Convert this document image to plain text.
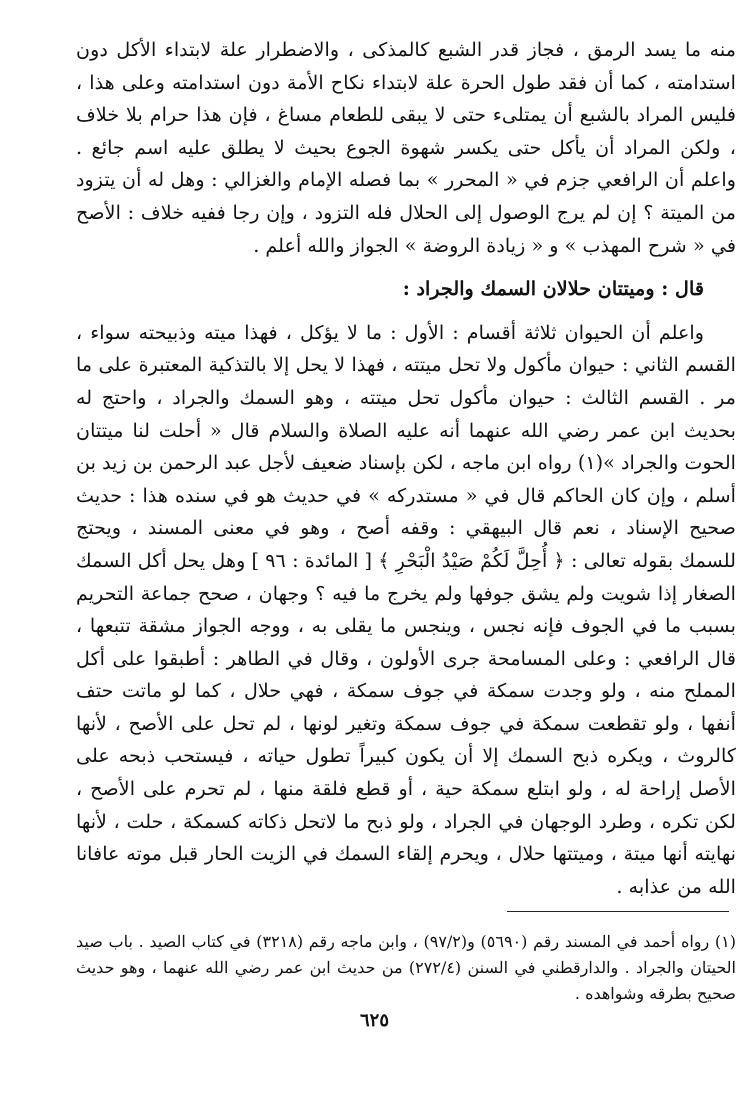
منه ما يسد الرمق ، فجاز قدر الشبع كالمذكى ، والاضطرار علة لابتداء الأكل دون استدامته ، كما أن فقد طول الحرة علة لابتداء نكاح الأمة دون استدامته وعلى هذا ، فليس المراد بالشبع أن يمتلىء حتى لا يبقى للطعام مساغ ، فإن هذا حرام بلا خلاف ، ولكن المراد أن يأكل حتى يكسر شهوة الجوع بحيث لا يطلق عليه اسم جائع . واعلم أن الرافعي جزم في « المحرر » بما فصله الإمام والغزالي : وهل له أن يتزود من الميتة ؟ إن لم يرج الوصول إلى الحلال فله التزود ، وإن رجا ففيه خلاف : الأصح في « شرح المهذب » و « زيادة الروضة » الجواز والله أعلم .

قال : وميتتان حلالان السمك والجراد :

واعلم أن الحيوان ثلاثة أقسام : الأول : ما لا يؤكل ، فهذا ميته وذبيحته سواء ، القسم الثاني : حيوان مأكول ولا تحل ميتته ، فهذا لا يحل إلا بالتذكية المعتبرة على ما مر . القسم الثالث : حيوان مأكول تحل ميتته ، وهو السمك والجراد ، واحتج له بحديث ابن عمر رضي الله عنهما أنه عليه الصلاة والسلام قال « أحلت لنا ميتتان الحوت والجراد »(١) رواه ابن ماجه ، لكن بإسناد ضعيف لأجل عبد الرحمن بن زيد بن أسلم ، وإن كان الحاكم قال في « مستدركه » في حديث هو في سنده هذا : حديث صحيح الإسناد ، نعم قال البيهقي : وقفه أصح ، وهو في معنى المسند ، ويحتج للسمك بقوله تعالى : ﴿ أُحِلَّ لَكُمْ صَيْدُ الْبَحْرِ ﴾ [ المائدة : ٩٦ ] وهل يحل أكل السمك الصغار إذا شويت ولم يشق جوفها ولم يخرج ما فيه ؟ وجهان ، صحح جماعة التحريم بسبب ما في الجوف فإنه نجس ، وينجس ما يقلى به ، ووجه الجواز مشقة تتبعها ، قال الرافعي : وعلى المسامحة جرى الأولون ، وقال في الطاهر : أطبقوا على أكل المملح منه ، ولو وجدت سمكة في جوف سمكة ، فهي حلال ، كما لو ماتت حتف أنفها ، ولو تقطعت سمكة في جوف سمكة وتغير لونها ، لم تحل على الأصح ، لأنها كالروث ، ويكره ذبح السمك إلا أن يكون كبيراً تطول حياته ، فيستحب ذبحه على الأصل إراحة له ، ولو ابتلع سمكة حية ، أو قطع فلقة منها ، لم تحرم على الأصح ، لكن تكره ، وطرد الوجهان في الجراد ، ولو ذبح ما لاتحل ذكاته كسمكة ، حلت ، لأنها نهايته أنها ميتة ، وميتتها حلال ، ويحرم إلقاء السمك في الزيت الحار قبل موته عافانا الله من عذابه .

(١) رواه أحمد في المسند رقم (٥٦٩٠) و(٩٧/٢) ، وابن ماجه رقم (٣٢١٨) في كتاب الصيد . باب صيد الحيتان والجراد . والدارقطني في السنن (٢٧٢/٤) من حديث ابن عمر رضي الله عنهما ، وهو حديث صحيح بطرقه وشواهده .

٦٢٥
